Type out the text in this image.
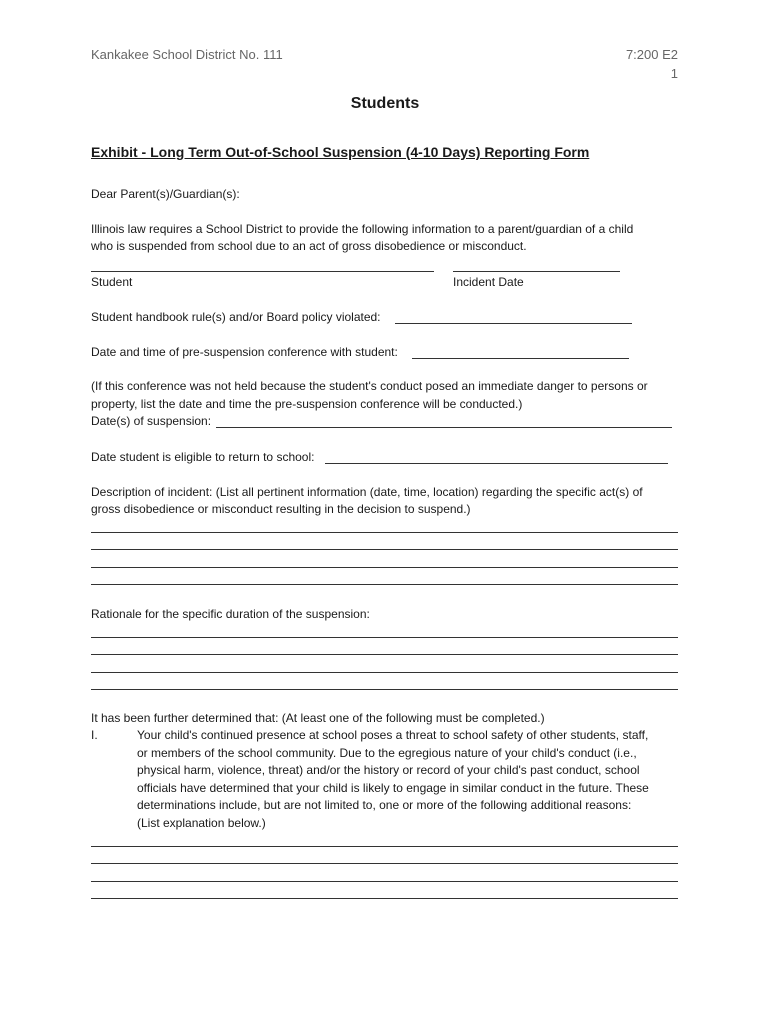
Kankakee School District No. 111	7:200 E2
1
Students
Exhibit - Long Term Out-of-School Suspension (4-10 Days) Reporting Form
Dear Parent(s)/Guardian(s):
Illinois law requires a School District to provide the following information to a parent/guardian of a child
who is suspended from school due to an act of gross disobedience or misconduct.
Student	Incident Date
Student handbook rule(s) and/or Board policy violated:
Date and time of pre-suspension conference with student:
(If this conference was not held because the student's conduct posed an immediate danger to persons or
property, list the date and time the pre-suspension conference will be conducted.)
Date(s) of suspension:
Date student is eligible to return to school:
Description of incident: (List all pertinent information (date, time, location) regarding the specific act(s) of
gross disobedience or misconduct resulting in the decision to suspend.)
Rationale for the specific duration of the suspension:
It has been further determined that: (At least one of the following must be completed.)
I.	Your child's continued presence at school poses a threat to school safety of other students, staff,
or members of the school community. Due to the egregious nature of your child's conduct (i.e.,
physical harm, violence, threat) and/or the history or record of your child's past conduct, school
officials have determined that your child is likely to engage in similar conduct in the future. These
determinations include, but are not limited to, one or more of the following additional reasons:
(List explanation below.)
